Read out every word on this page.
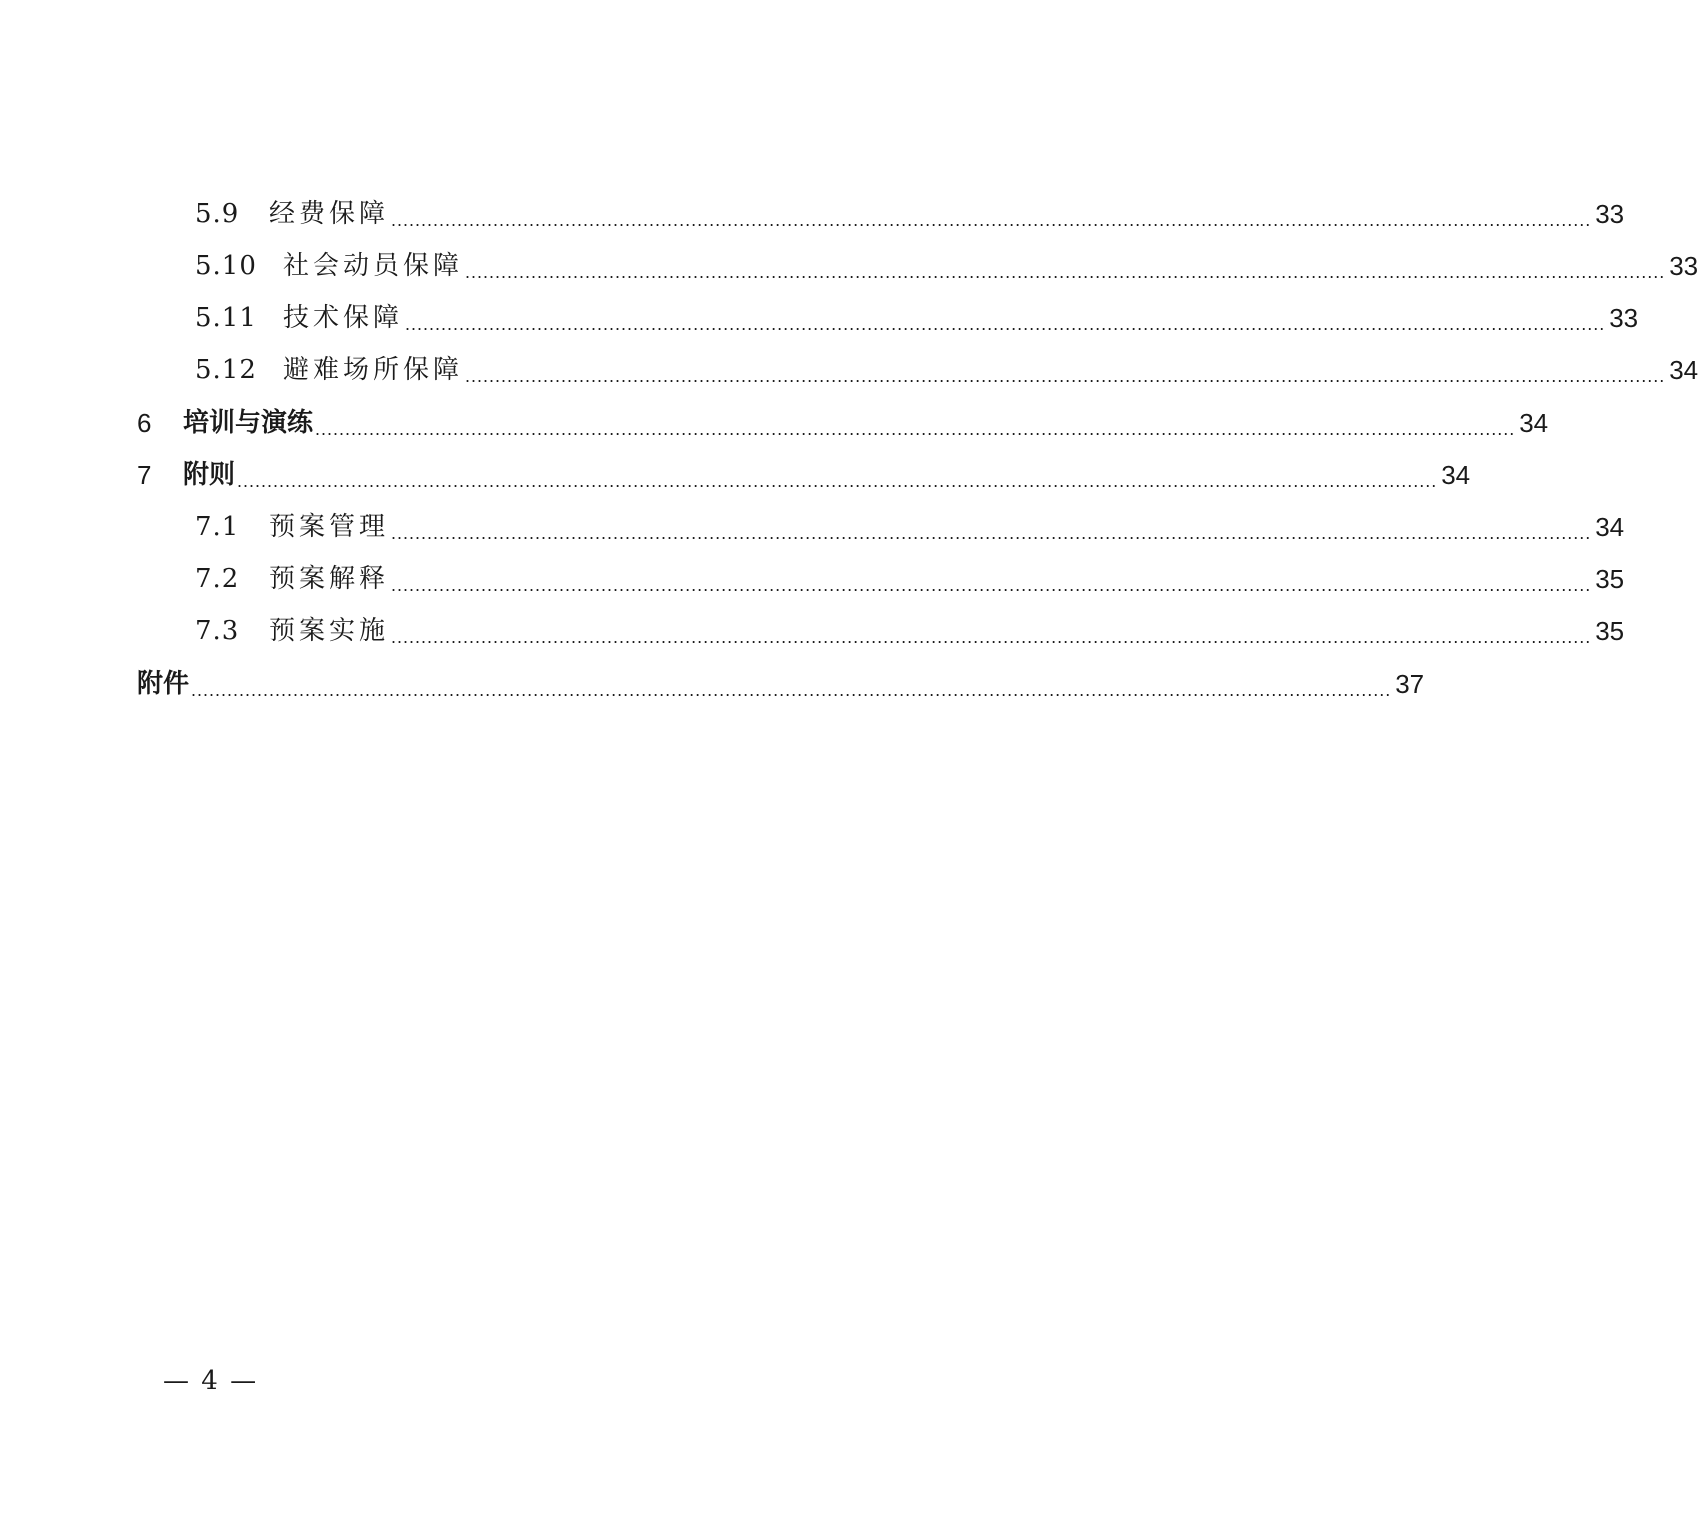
5.9	经费保障 ........................................................................................................................................................................................................ 33
5.10	社会动员保障 ........................................................................................................................................................................................................ 33
5.11	技术保障 ........................................................................................................................................................................................................ 33
5.12	避难场所保障 ........................................................................................................................................................................................................ 34
6	培训与演练 ........................................................................................................................................................................................................ 34
7	附则 ........................................................................................................................................................................................................ 34
7.1	预案管理 ........................................................................................................................................................................................................ 34
7.2	预案解释 ........................................................................................................................................................................................................ 35
7.3	预案实施 ........................................................................................................................................................................................................ 35
附件 ........................................................................................................................................................................................................ 37
— 4 —
